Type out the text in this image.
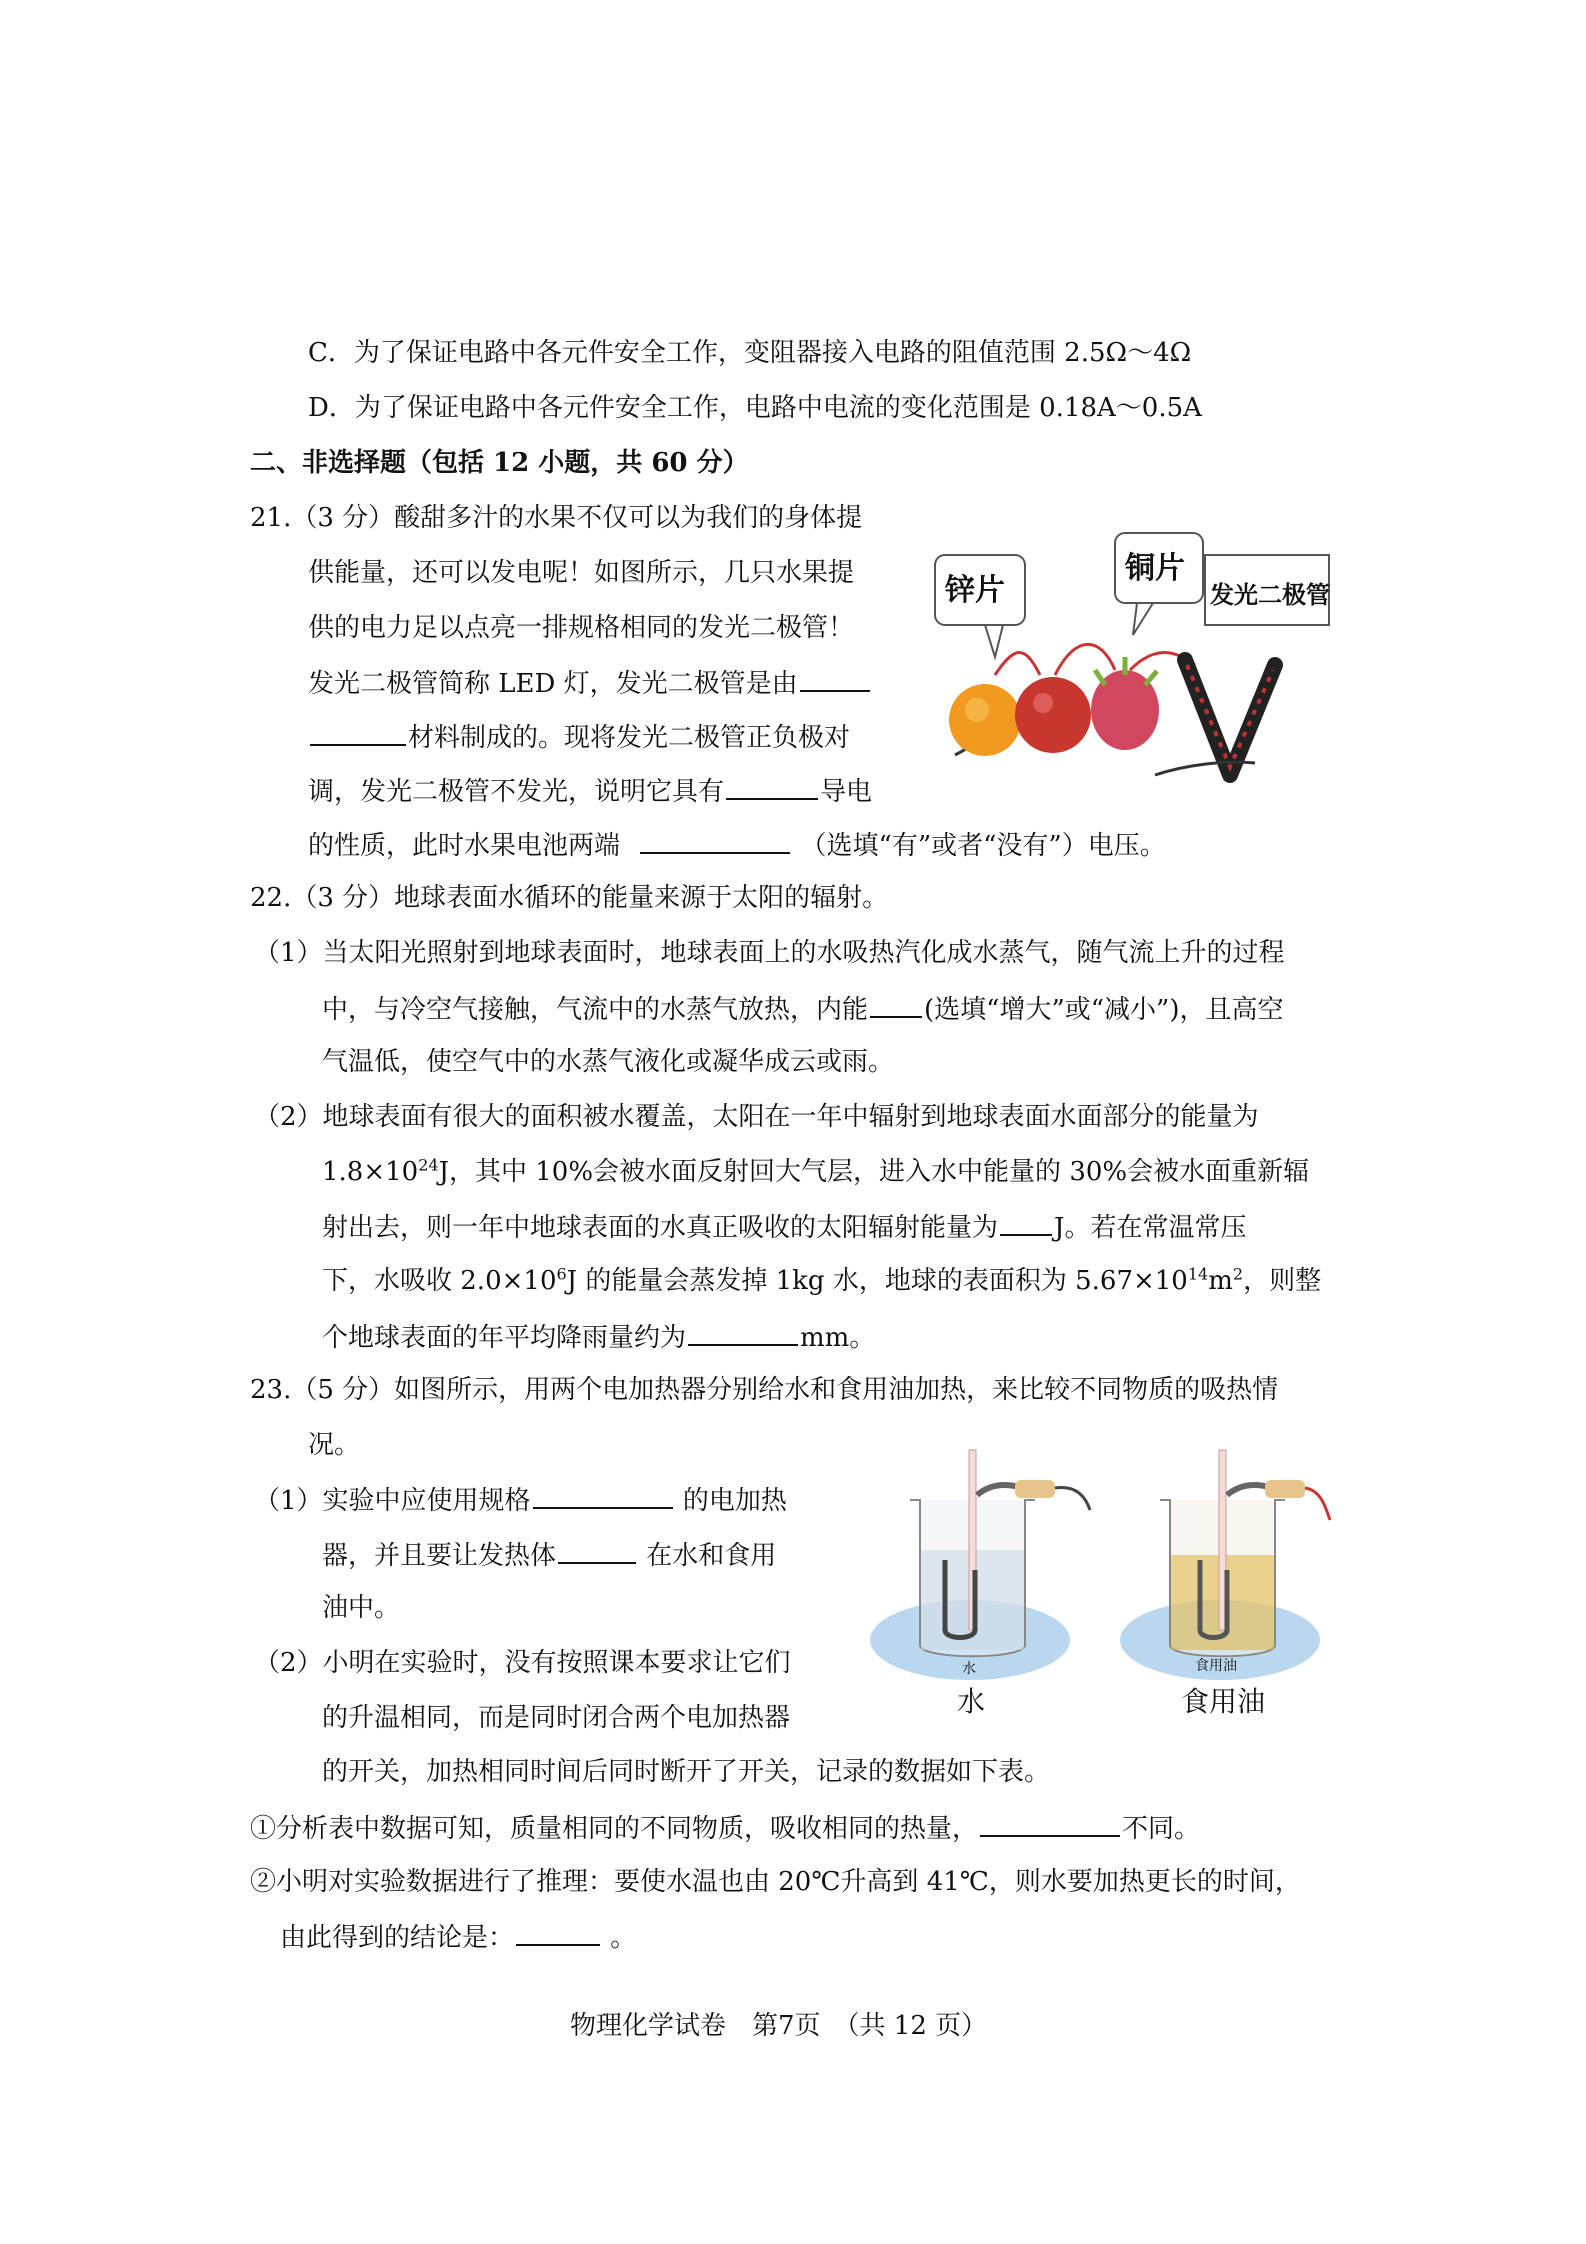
C．为了保证电路中各元件安全工作，变阻器接入电路的阻值范围 2.5Ω～4Ω
D．为了保证电路中各元件安全工作，电路中电流的变化范围是 0.18A～0.5A
二、非选择题（包括 12 小题，共 60 分）
21.（3 分）酸甜多汁的水果不仅可以为我们的身体提
供能量，还可以发电呢！如图所示，几只水果提
供的电力足以点亮一排规格相同的发光二极管！
发光二极管简称 LED 灯，发光二极管是由
材料制成的。现将发光二极管正负极对
调，发光二极管不发光，说明它具有	导电
的性质，此时水果电池两端	（选填“有”或者“没有”）电压。
锌片
铜片
发光二极管
22.（3 分）地球表面水循环的能量来源于太阳的辐射。
（1）当太阳光照射到地球表面时，地球表面上的水吸热汽化成水蒸气，随气流上升的过程
中，与冷空气接触，气流中的水蒸气放热，内能 (选填“增大”或“减小”)，且高空
气温低，使空气中的水蒸气液化或凝华成云或雨。
（2）地球表面有很大的面积被水覆盖，太阳在一年中辐射到地球表面水面部分的能量为
$1.8\times 10^{24}J$，其中 10%会被水面反射回大气层，进入水中能量的 30%会被水面重新辐
射出去，则一年中地球表面的水真正吸收的太阳辐射能量为 J。若在常温常压
下，水吸收 $2.0\times 10^6J$ 的能量会蒸发掉 1kg 水，地球的表面积为 $5.67\times 10^{14}m^2$，则整
个地球表面的年平均降雨量约为	mm。
23.（5 分）如图所示，用两个电加热器分别给水和食用油加热，来比较不同物质的吸热情
况。
（1）实验中应使用规格	的电加热
器，并且要让发热体	在水和食用
油中。
（2）小明在实验时，没有按照课本要求让它们
的升温相同，而是同时闭合两个电加热器
的开关，加热相同时间后同时断开了开关，记录的数据如下表。
①分析表中数据可知，质量相同的不同物质，吸收相同的热量，	不同。
②小明对实验数据进行了推理：要使水温也由 20℃升高到 41℃，则水要加热更长的时间，
由此得到的结论是：	。
水
水
食用油
食用油
物理化学试卷　第7页　（共 12 页）
